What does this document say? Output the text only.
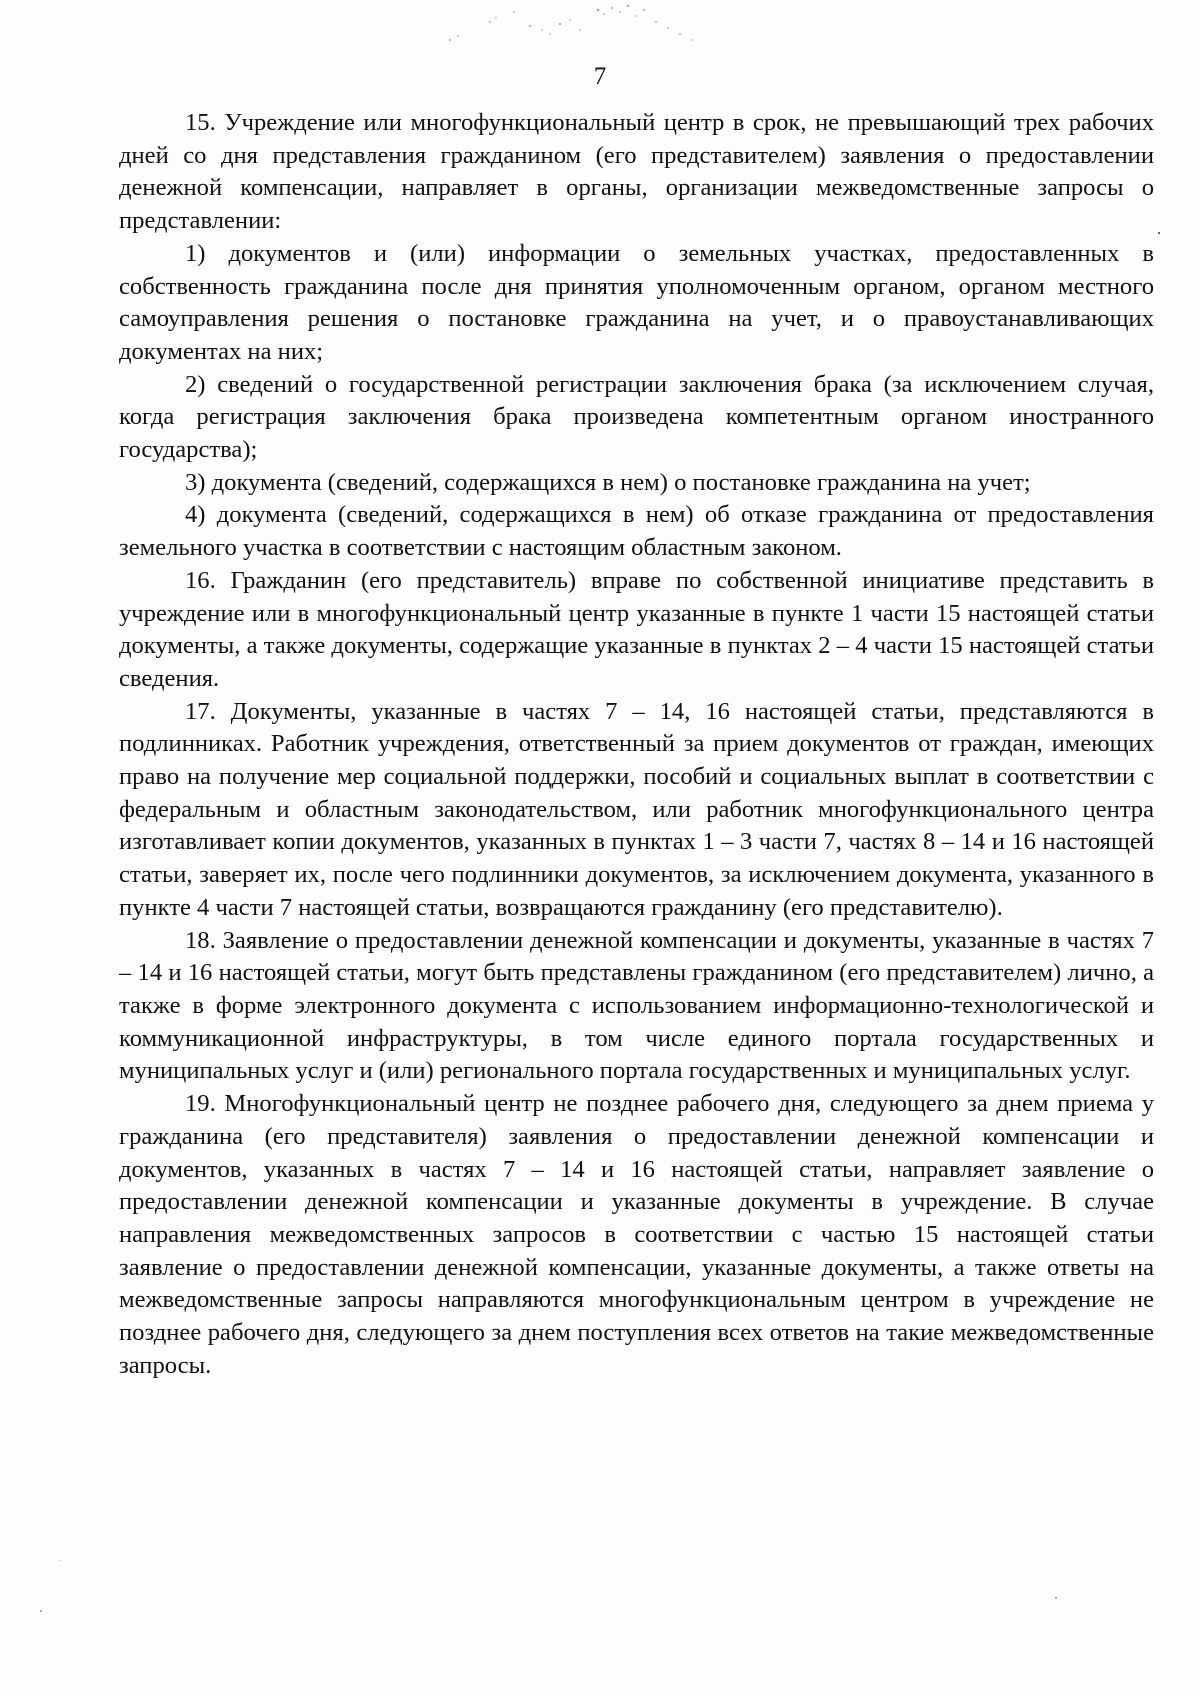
7

15. Учреждение или многофункциональный центр в срок, не превышающий трех рабочих дней со дня представления гражданином (его представителем) заявления о предоставлении денежной компенсации, направляет в органы, организации межведомственные запросы о представлении:

1) документов и (или) информации о земельных участках, предоставленных в собственность гражданина после дня принятия уполномоченным органом, органом местного самоуправления решения о постановке гражданина на учет, и о правоустанавливающих документах на них;

2) сведений о государственной регистрации заключения брака (за исключением случая, когда регистрация заключения брака произведена компетентным органом иностранного государства);

3) документа (сведений, содержащихся в нем) о постановке гражданина на учет;

4) документа (сведений, содержащихся в нем) об отказе гражданина от предоставления земельного участка в соответствии с настоящим областным законом.

16. Гражданин (его представитель) вправе по собственной инициативе представить в учреждение или в многофункциональный центр указанные в пункте 1 части 15 настоящей статьи документы, а также документы, содержащие указанные в пунктах 2 – 4 части 15 настоящей статьи сведения.

17. Документы, указанные в частях 7 – 14, 16 настоящей статьи, представляются в подлинниках. Работник учреждения, ответственный за прием документов от граждан, имеющих право на получение мер социальной поддержки, пособий и социальных выплат в соответствии с федеральным и областным законодательством, или работник многофункционального центра изготавливает копии документов, указанных в пунктах 1 – 3 части 7, частях 8 – 14 и 16 настоящей статьи, заверяет их, после чего подлинники документов, за исключением документа, указанного в пункте 4 части 7 настоящей статьи, возвращаются гражданину (его представителю).

18. Заявление о предоставлении денежной компенсации и документы, указанные в частях 7 – 14 и 16 настоящей статьи, могут быть представлены гражданином (его представителем) лично, а также в форме электронного документа с использованием информационно-технологической и коммуникационной инфраструктуры, в том числе единого портала государственных и муниципальных услуг и (или) регионального портала государственных и муниципальных услуг.

19. Многофункциональный центр не позднее рабочего дня, следующего за днем приема у гражданина (его представителя) заявления о предоставлении денежной компенсации и документов, указанных в частях 7 – 14 и 16 настоящей статьи, направляет заявление о предоставлении денежной компенсации и указанные документы в учреждение. В случае направления межведомственных запросов в соответствии с частью 15 настоящей статьи заявление о предоставлении денежной компенсации, указанные документы, а также ответы на межведомственные запросы направляются многофункциональным центром в учреждение не позднее рабочего дня, следующего за днем поступления всех ответов на такие межведомственные запросы.
